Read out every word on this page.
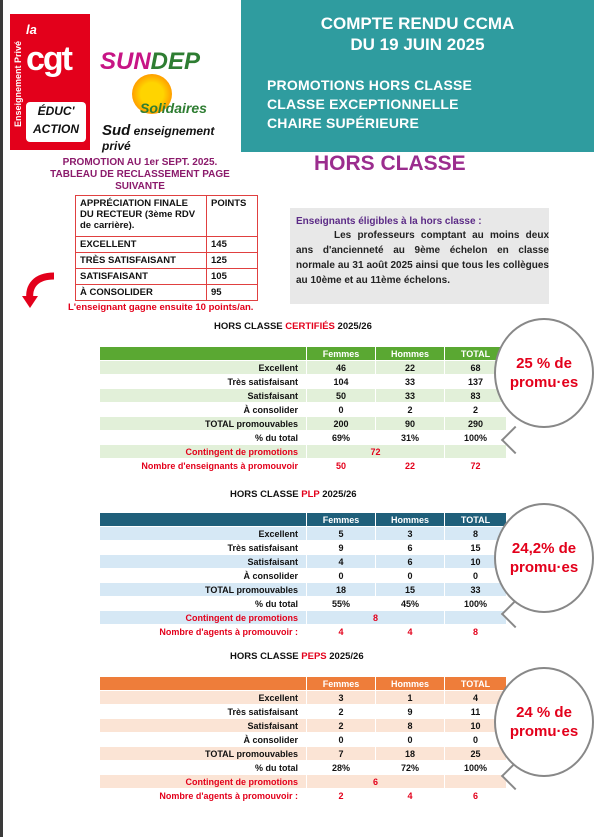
COMPTE RENDU CCMA
DU 19 JUIN 2025
PROMOTIONS HORS CLASSE
CLASSE EXCEPTIONNELLE
CHAIRE SUPÉRIEURE
Enseignement Privé
la
cgt
ÉDUC'
ACTION
SUNDEP
Solidaires
Sud enseignement privé
PROMOTION AU 1er SEPT. 2025.
TABLEAU DE RECLASSEMENT PAGE
SUIVANTE
APPRÉCIATION FINALE DU RECTEUR (3ème RDV de carrière).	POINTS
EXCELLENT	145
TRÈS SATISFAISANT	125
SATISFAISANT	105
À CONSOLIDER	95
L'enseignant gagne ensuite 10 points/an.
HORS CLASSE
Enseignants éligibles à la hors classe :
Les professeurs comptant au moins deux ans d'ancienneté au 9ème échelon en classe normale au 31 août 2025 ainsi que tous les collègues au 10ème et au 11ème échelons.
HORS CLASSE CERTIFIÉS 2025/26
	Femmes	Hommes	TOTAL
Excellent	46	22	68
Très satisfaisant	104	33	137
Satisfaisant	50	33	83
À consolider	0	2	2
TOTAL promouvables	200	90	290
% du total	69%	31%	100%
Contingent de promotions	72		
Nombre d'enseignants à promouvoir	50	22	72
25 % de
promu·es
HORS CLASSE PLP 2025/26
	Femmes	Hommes	TOTAL
Excellent	5	3	8
Très satisfaisant	9	6	15
Satisfaisant	4	6	10
À consolider	0	0	0
TOTAL promouvables	18	15	33
% du total	55%	45%	100%
Contingent de promotions	8		
Nombre d'agents à promouvoir :	4	4	8
24,2% de
promu·es
HORS CLASSE PEPS 2025/26
	Femmes	Hommes	TOTAL
Excellent	3	1	4
Très satisfaisant	2	9	11
Satisfaisant	2	8	10
À consolider	0	0	0
TOTAL promouvables	7	18	25
% du total	28%	72%	100%
Contingent de promotions	6		
Nombre d'agents à promouvoir :	2	4	6
24 % de
promu·es
